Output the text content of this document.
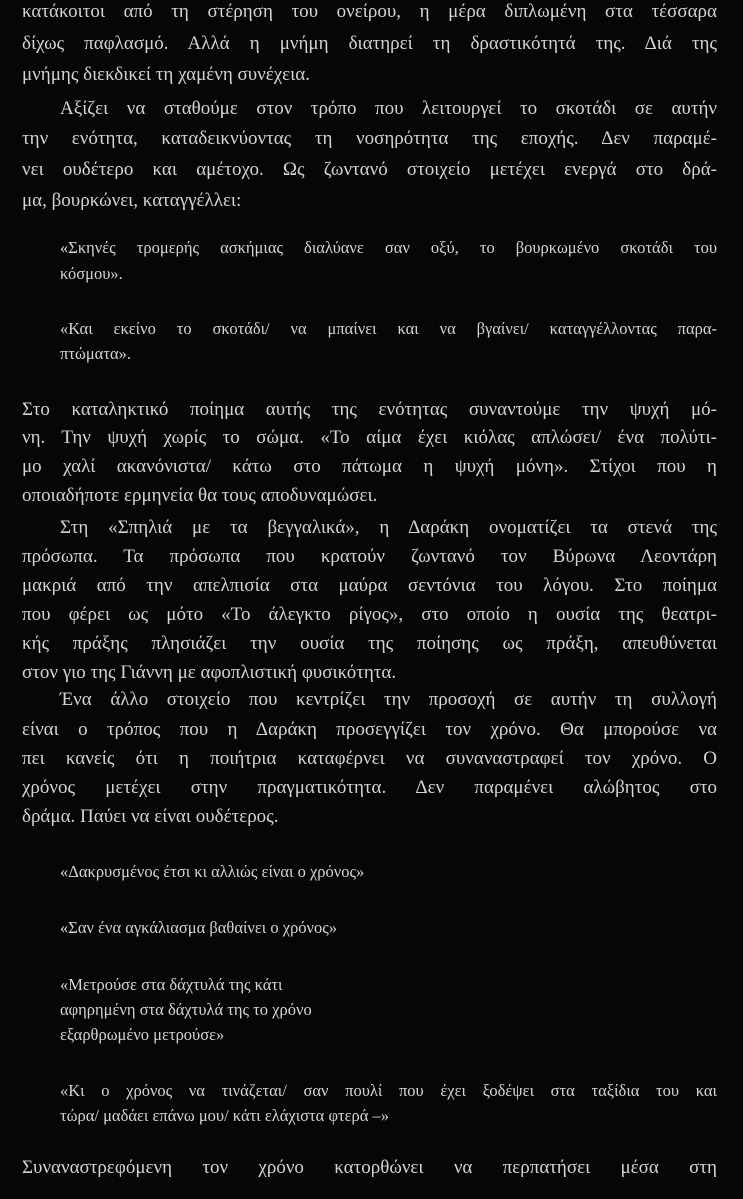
κατάκοιτοι από τη στέρηση του ονείρου, η μέρα διπλωμένη στα τέσσαρα
δίχως παφλασμό. Αλλά η μνήμη διατηρεί τη δραστικότητά της. Διά της
μνήμης διεκδικεί τη χαμένη συνέχεια.
Αξίζει να σταθούμε στον τρόπο που λειτουργεί το σκοτάδι σε αυτήν
την ενότητα, καταδεικνύοντας τη νοσηρότητα της εποχής. Δεν παραμέ-
νει ουδέτερο και αμέτοχο. Ως ζωντανό στοιχείο μετέχει ενεργά στο δρά-
μα, βουρκώνει, καταγγέλλει:
«Σκηνές τρομερής ασκήμιας διαλύανε σαν οξύ, το βουρκωμένο σκοτάδι του
κόσμου».
«Και εκείνο το σκοτάδι/ να μπαίνει και να βγαίνει/ καταγγέλλοντας παρα-
πτώματα».
Στο καταληκτικό ποίημα αυτής της ενότητας συναντούμε την ψυχή μό-
νη. Την ψυχή χωρίς το σώμα. «Το αίμα έχει κιόλας απλώσει/ ένα πολύτι-
μο χαλί ακανόνιστα/ κάτω στο πάτωμα η ψυχή μόνη». Στίχοι που η
οποιαδήποτε ερμηνεία θα τους αποδυναμώσει.
Στη «Σπηλιά με τα βεγγαλικά», η Δαράκη ονοματίζει τα στενά της
πρόσωπα. Τα πρόσωπα που κρατούν ζωντανό τον Βύρωνα Λεοντάρη
μακριά από την απελπισία στα μαύρα σεντόνια του λόγου. Στο ποίημα
που φέρει ως μότο «Το άλεγκτο ρίγος», στο οποίο η ουσία της θεατρι-
κής πράξης πλησιάζει την ουσία της ποίησης ως πράξη, απευθύνεται
στον γιο της Γιάννη με αφοπλιστική φυσικότητα.
Ένα άλλο στοιχείο που κεντρίζει την προσοχή σε αυτήν τη συλλογή
είναι ο τρόπος που η Δαράκη προσεγγίζει τον χρόνο. Θα μπορούσε να
πει κανείς ότι η ποιήτρια καταφέρνει να συναναστραφεί τον χρόνο. Ο
χρόνος μετέχει στην πραγματικότητα. Δεν παραμένει αλώβητος στο
δράμα. Παύει να είναι ουδέτερος.
«Δακρυσμένος έτσι κι αλλιώς είναι ο χρόνος»
«Σαν ένα αγκάλιασμα βαθαίνει ο χρόνος»
«Μετρούσε στα δάχτυλά της κάτι
αφηρημένη στα δάχτυλά της το χρόνο
εξαρθρωμένο μετρούσε»
«Κι ο χρόνος να τινάζεται/ σαν πουλί που έχει ξοδέψει στα ταξίδια του και
τώρα/ μαδάει επάνω μου/ κάτι ελάχιστα φτερά –»
Συναναστρεφόμενη τον χρόνο κατορθώνει να περπατήσει μέσα στη
